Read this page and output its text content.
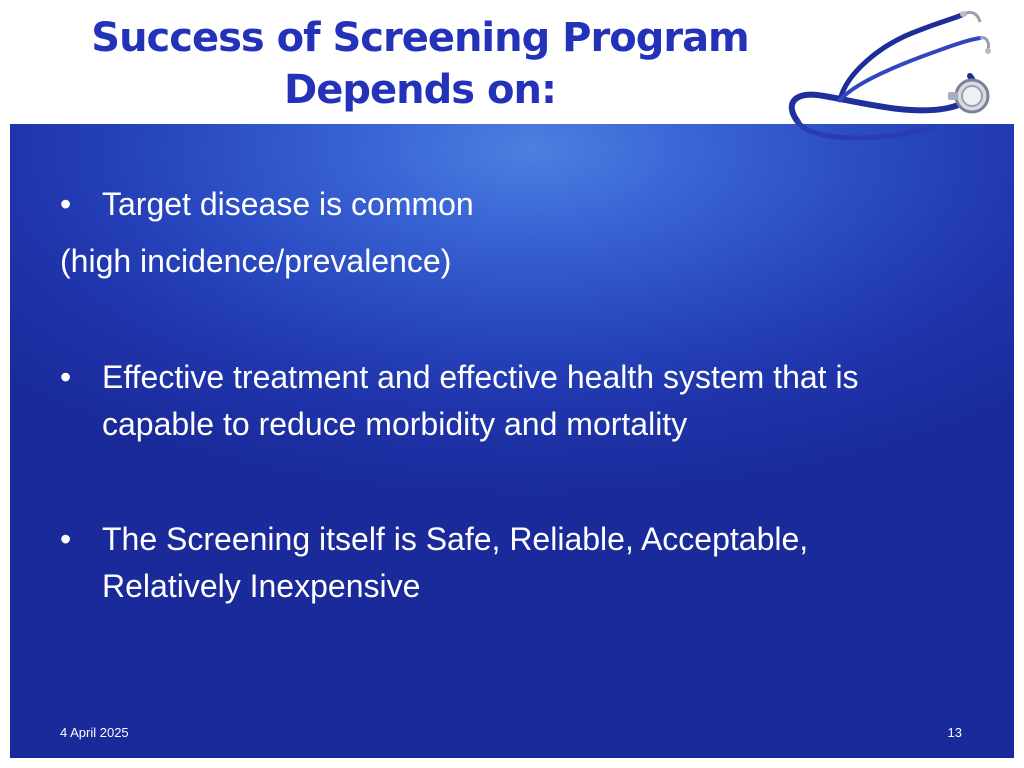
Success of Screening Program
Depends on:
• Target disease is common
(high incidence/prevalence)
• Effective treatment and effective health system that is capable to reduce morbidity and mortality
• The Screening itself is Safe, Reliable, Acceptable, Relatively Inexpensive
4 April 2025	13
